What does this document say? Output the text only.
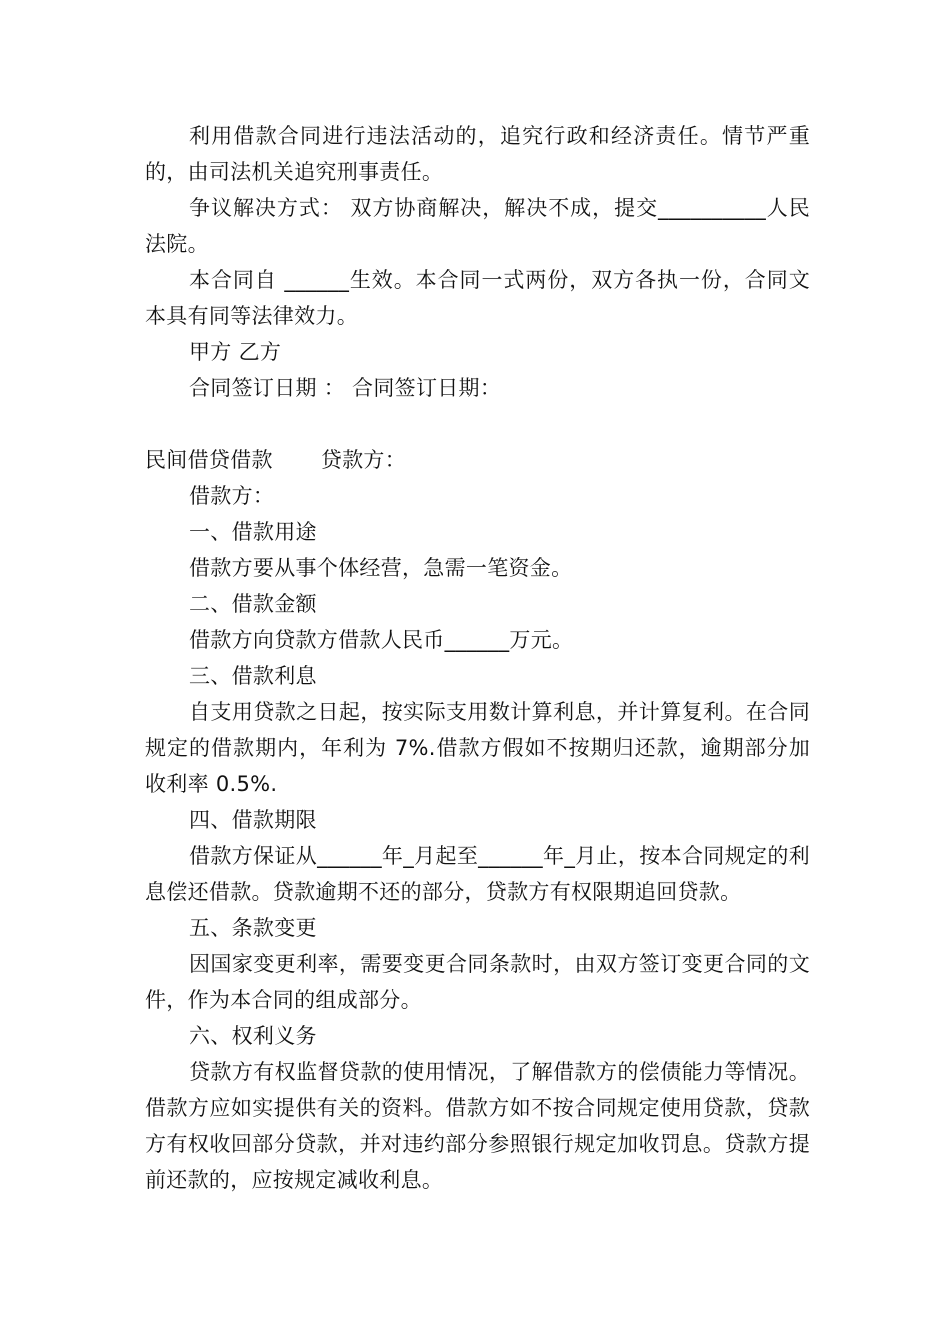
利用借款合同进行违法活动的，追究行政和经济责任。情节严重的，由司法机关追究刑事责任。

争议解决方式： 双方协商解决，解决不成，提交__________人民法院。

本合同自 ______生效。本合同一式两份，双方各执一份，合同文本具有同等法律效力。

甲方 乙方

合同签订日期 ： 合同签订日期：

民间借贷借款 贷款方：

借款方：

一、借款用途

借款方要从事个体经营，急需一笔资金。

二、借款金额

借款方向贷款方借款人民币______万元。

三、借款利息

自支用贷款之日起，按实际支用数计算利息，并计算复利。在合同规定的借款期内，年利为 7%.借款方假如不按期归还款，逾期部分加收利率 0.5%.

四、借款期限

借款方保证从______年_月起至______年_月止，按本合同规定的利息偿还借款。贷款逾期不还的部分，贷款方有权限期追回贷款。

五、条款变更

因国家变更利率，需要变更合同条款时，由双方签订变更合同的文件，作为本合同的组成部分。

六、权利义务

贷款方有权监督贷款的使用情况，了解借款方的偿债能力等情况。借款方应如实提供有关的资料。借款方如不按合同规定使用贷款，贷款方有权收回部分贷款，并对违约部分参照银行规定加收罚息。贷款方提前还款的，应按规定减收利息。
